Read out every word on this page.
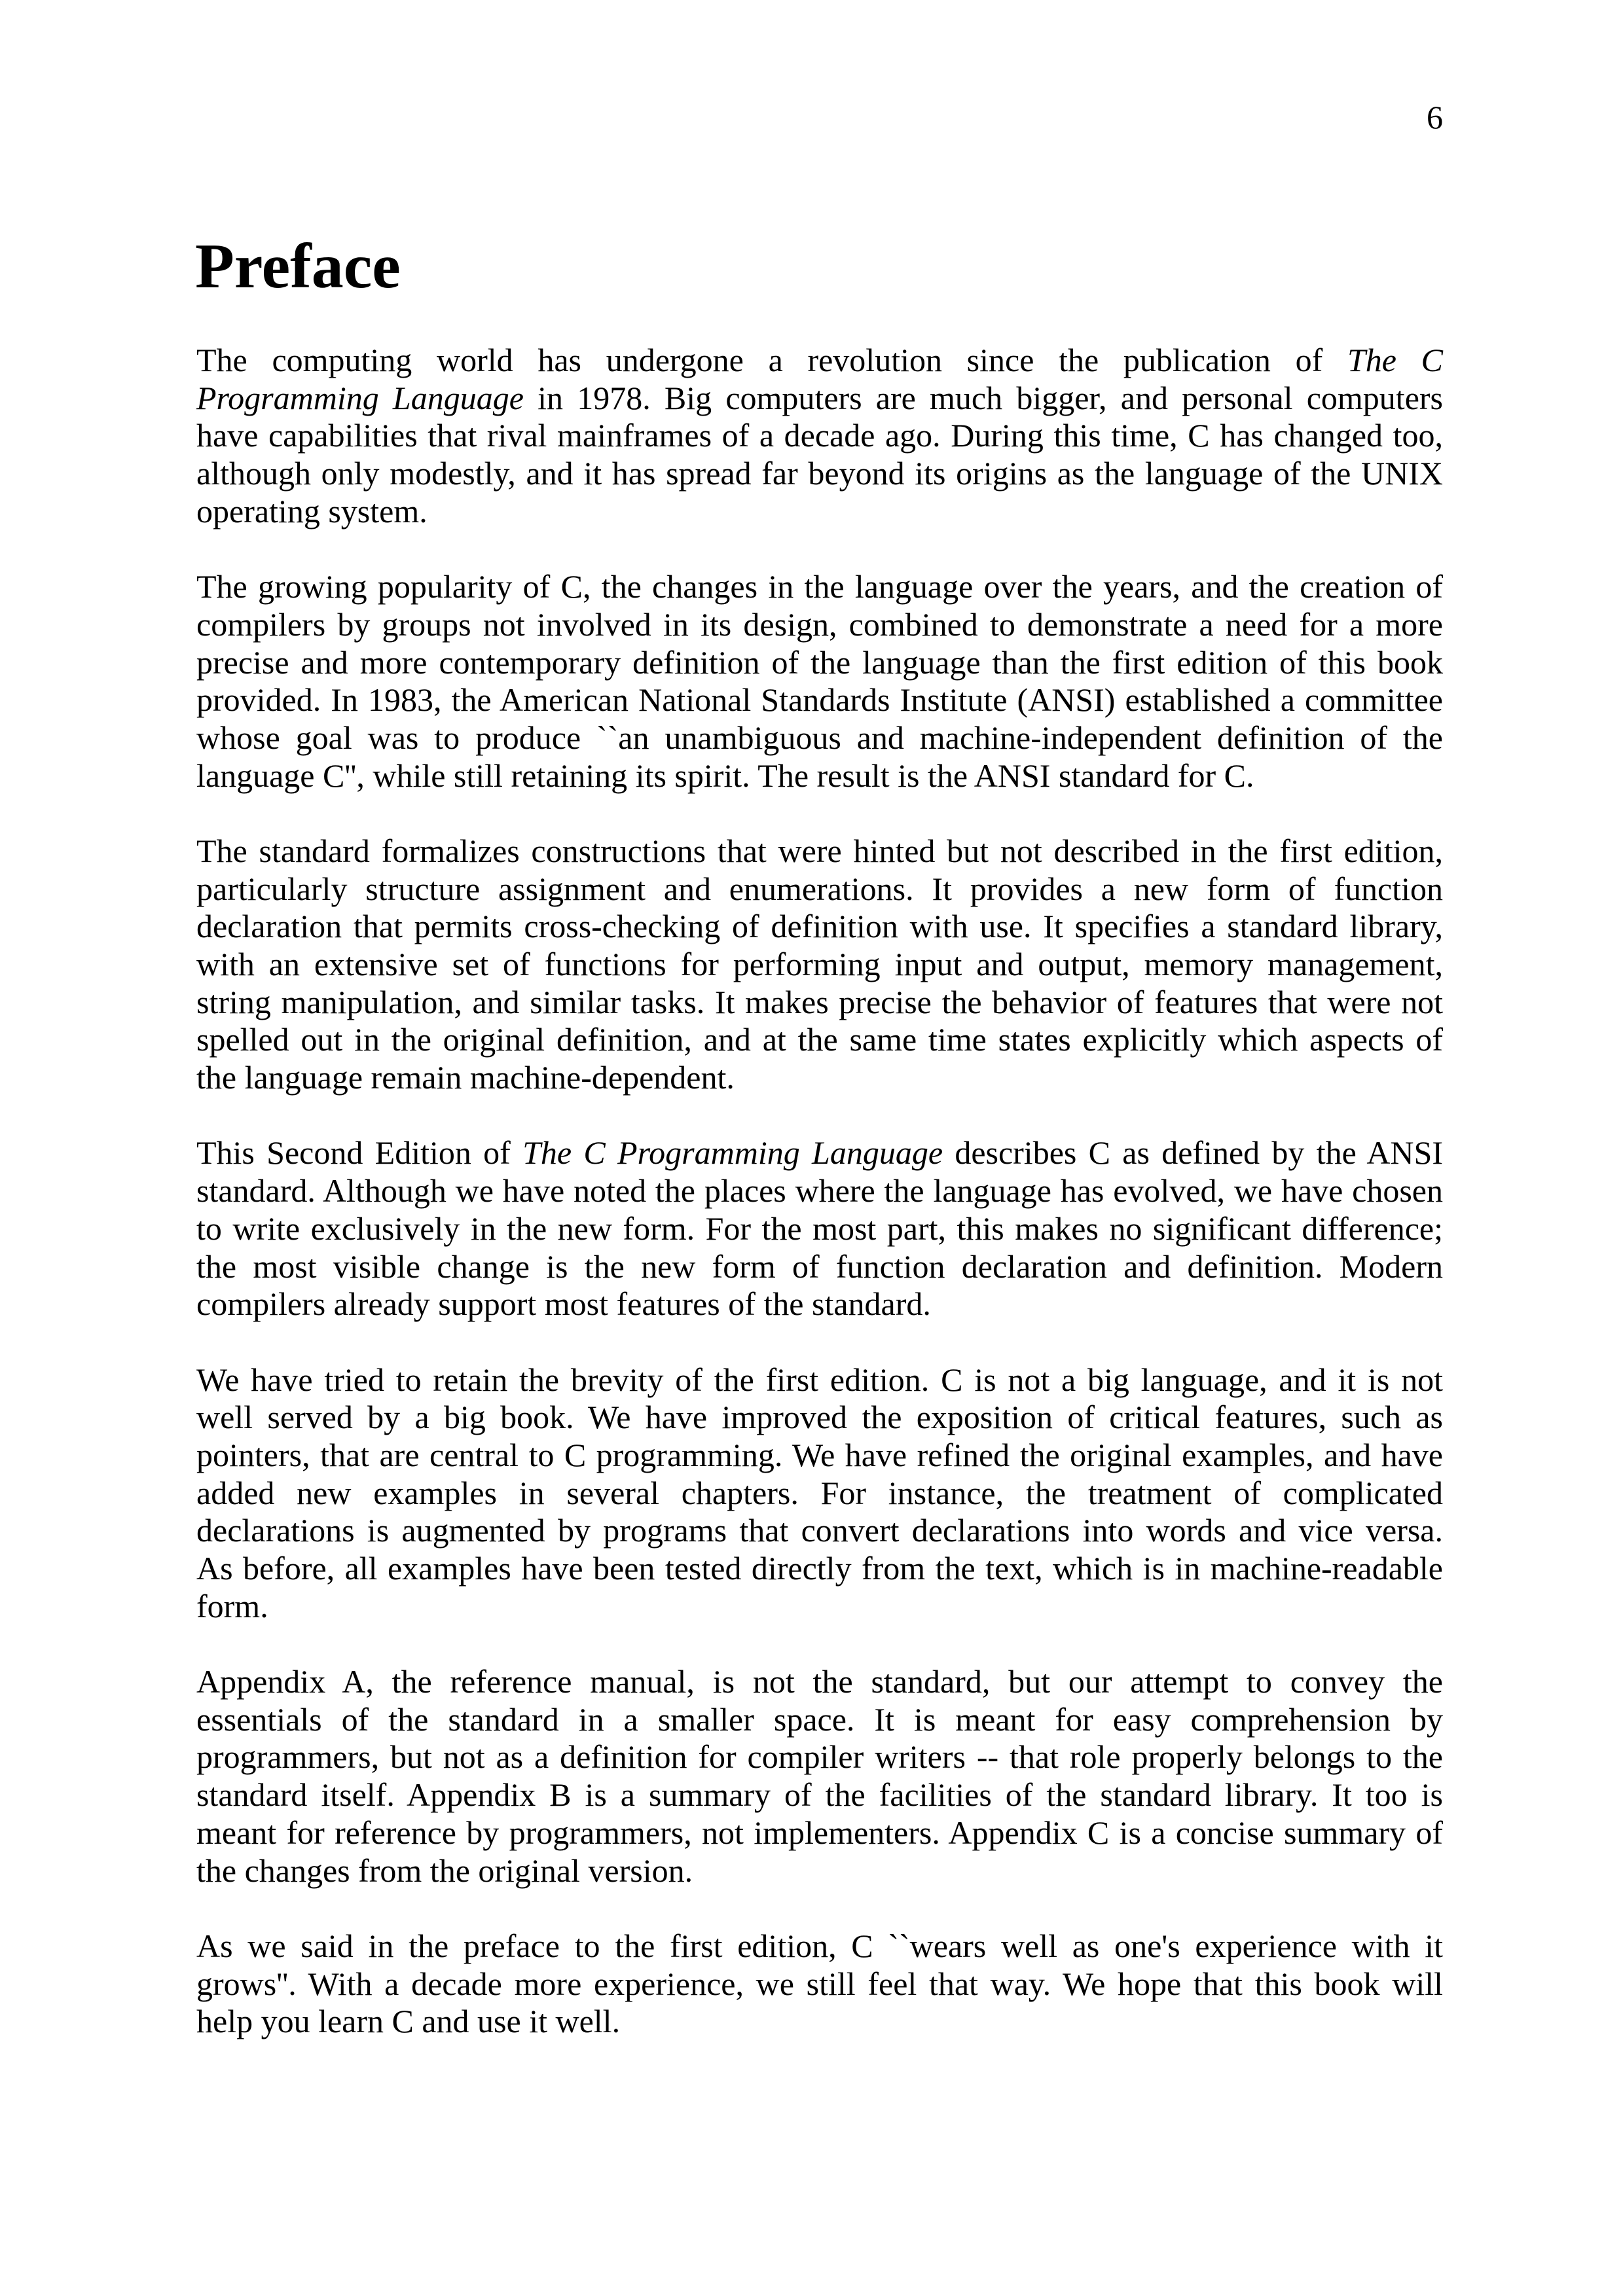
6
Preface

The computing world has undergone a revolution since the publication of The C
Programming Language in 1978. Big computers are much bigger, and personal computers
have capabilities that rival mainframes of a decade ago. During this time, C has changed too,
although only modestly, and it has spread far beyond its origins as the language of the UNIX
operating system.

The growing popularity of C, the changes in the language over the years, and the creation of
compilers by groups not involved in its design, combined to demonstrate a need for a more
precise and more contemporary definition of the language than the first edition of this book
provided. In 1983, the American National Standards Institute (ANSI) established a committee
whose goal was to produce ``an unambiguous and machine-independent definition of the
language C'', while still retaining its spirit. The result is the ANSI standard for C.

The standard formalizes constructions that were hinted but not described in the first edition,
particularly structure assignment and enumerations. It provides a new form of function
declaration that permits cross-checking of definition with use. It specifies a standard library,
with an extensive set of functions for performing input and output, memory management,
string manipulation, and similar tasks. It makes precise the behavior of features that were not
spelled out in the original definition, and at the same time states explicitly which aspects of
the language remain machine-dependent.

This Second Edition of The C Programming Language describes C as defined by the ANSI
standard. Although we have noted the places where the language has evolved, we have chosen
to write exclusively in the new form. For the most part, this makes no significant difference;
the most visible change is the new form of function declaration and definition. Modern
compilers already support most features of the standard.

We have tried to retain the brevity of the first edition. C is not a big language, and it is not
well served by a big book. We have improved the exposition of critical features, such as
pointers, that are central to C programming. We have refined the original examples, and have
added new examples in several chapters. For instance, the treatment of complicated
declarations is augmented by programs that convert declarations into words and vice versa.
As before, all examples have been tested directly from the text, which is in machine-readable
form.

Appendix A, the reference manual, is not the standard, but our attempt to convey the
essentials of the standard in a smaller space. It is meant for easy comprehension by
programmers, but not as a definition for compiler writers -- that role properly belongs to the
standard itself. Appendix B is a summary of the facilities of the standard library. It too is
meant for reference by programmers, not implementers. Appendix C is a concise summary of
the changes from the original version.

As we said in the preface to the first edition, C ``wears well as one's experience with it
grows''. With a decade more experience, we still feel that way. We hope that this book will
help you learn C and use it well.
